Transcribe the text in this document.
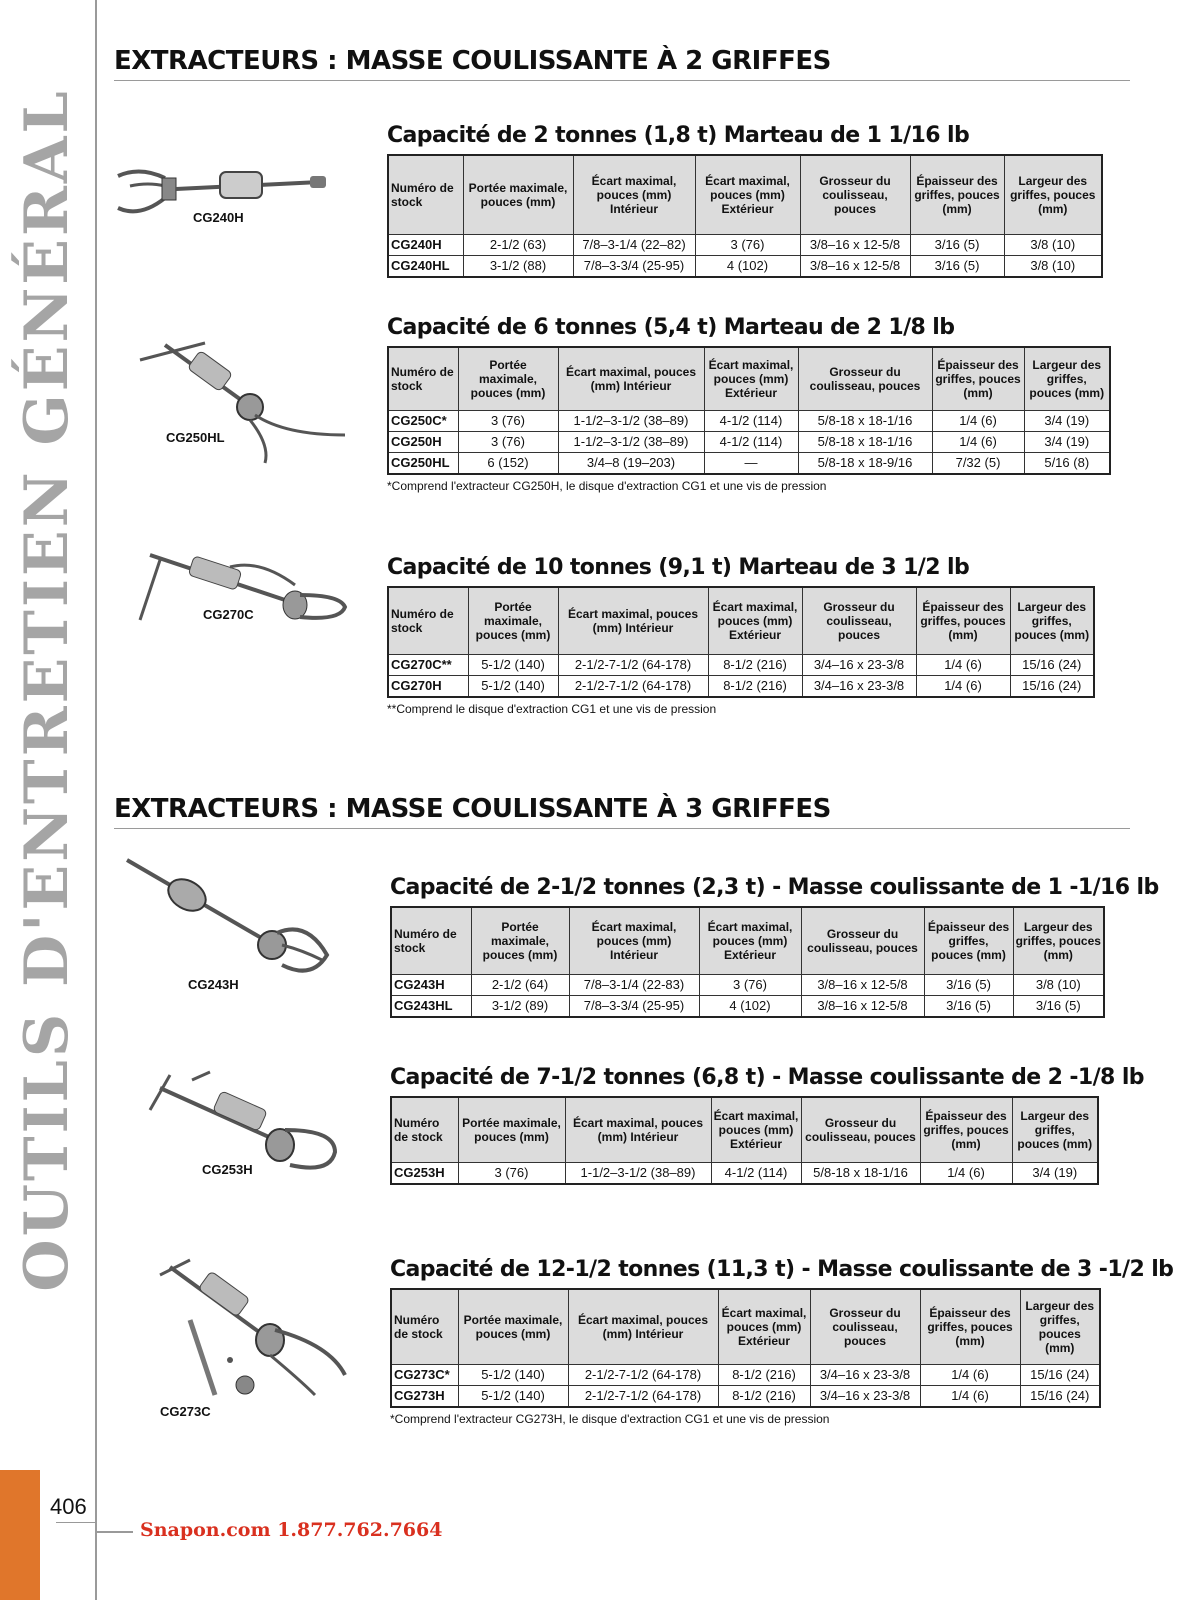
OUTILS D'ENTRETIEN GÉNÉRAL
406
Snapon.com 1.877.762.7664
EXTRACTEURS : MASSE COULISSANTE À 2 GRIFFES
EXTRACTEURS : MASSE COULISSANTE À 3 GRIFFES
CG240H
CG250HL
CG270C
CG243H
CG253H
CG273C
Capacité de 2 tonnes (1,8 t) Marteau de 1 1/16 lb
Numéro de stock	Portée maximale, pouces (mm)	Écart maximal, pouces (mm) Intérieur	Écart maximal, pouces (mm) Extérieur	Grosseur du coulisseau, pouces	Épaisseur des griffes, pouces (mm)	Largeur des griffes, pouces (mm)
CG240H	2-1/2 (63)	7/8–3-1/4 (22–82)	3 (76)	3/8–16 x 12-5/8	3/16 (5)	3/8 (10)
CG240HL	3-1/2 (88)	7/8–3-3/4 (25-95)	4 (102)	3/8–16 x 12-5/8	3/16 (5)	3/8 (10)
Capacité de 6 tonnes (5,4 t) Marteau de 2 1/8 lb
Numéro de stock	Portée maximale, pouces (mm)	Écart maximal, pouces (mm) Intérieur	Écart maximal, pouces (mm) Extérieur	Grosseur du coulisseau, pouces	Épaisseur des griffes, pouces (mm)	Largeur des griffes, pouces (mm)
CG250C*	3 (76)	1-1/2–3-1/2 (38–89)	4-1/2 (114)	5/8-18 x 18-1/16	1/4 (6)	3/4 (19)
CG250H	3 (76)	1-1/2–3-1/2 (38–89)	4-1/2 (114)	5/8-18 x 18-1/16	1/4 (6)	3/4 (19)
CG250HL	6 (152)	3/4–8 (19–203)	—	5/8-18 x 18-9/16	7/32 (5)	5/16 (8)
*Comprend l'extracteur CG250H, le disque d'extraction CG1 et une vis de pression
Capacité de 10 tonnes (9,1 t) Marteau de 3 1/2 lb
Numéro de stock	Portée maximale, pouces (mm)	Écart maximal, pouces (mm) Intérieur	Écart maximal, pouces (mm) Extérieur	Grosseur du coulisseau, pouces	Épaisseur des griffes, pouces (mm)	Largeur des griffes, pouces (mm)
CG270C**	5-1/2 (140)	2-1/2-7-1/2 (64-178)	8-1/2 (216)	3/4–16 x 23-3/8	1/4 (6)	15/16 (24)
CG270H	5-1/2 (140)	2-1/2-7-1/2 (64-178)	8-1/2 (216)	3/4–16 x 23-3/8	1/4 (6)	15/16 (24)
**Comprend le disque d'extraction CG1 et une vis de pression
Capacité de 2-1/2 tonnes (2,3 t) - Masse coulissante de 1 -1/16 lb
Numéro de stock	Portée maximale, pouces (mm)	Écart maximal, pouces (mm) Intérieur	Écart maximal, pouces (mm) Extérieur	Grosseur du coulisseau, pouces	Épaisseur des griffes, pouces (mm)	Largeur des griffes, pouces (mm)
CG243H	2-1/2 (64)	7/8–3-1/4 (22-83)	3 (76)	3/8–16 x 12-5/8	3/16 (5)	3/8 (10)
CG243HL	3-1/2 (89)	7/8–3-3/4 (25-95)	4 (102)	3/8–16 x 12-5/8	3/16 (5)	3/16 (5)
Capacité de 7-1/2 tonnes (6,8 t) - Masse coulissante de 2 -1/8 lb
Numéro de stock	Portée maximale, pouces (mm)	Écart maximal, pouces (mm) Intérieur	Écart maximal, pouces (mm) Extérieur	Grosseur du coulisseau, pouces	Épaisseur des griffes, pouces (mm)	Largeur des griffes, pouces (mm)
CG253H	3 (76)	1-1/2–3-1/2 (38–89)	4-1/2 (114)	5/8-18 x 18-1/16	1/4 (6)	3/4 (19)
Capacité de 12-1/2 tonnes (11,3 t) - Masse coulissante de 3 -1/2 lb
Numéro de stock	Portée maximale, pouces (mm)	Écart maximal, pouces (mm) Intérieur	Écart maximal, pouces (mm) Extérieur	Grosseur du coulisseau, pouces	Épaisseur des griffes, pouces (mm)	Largeur des griffes, pouces (mm)
CG273C*	5-1/2 (140)	2-1/2-7-1/2 (64-178)	8-1/2 (216)	3/4–16 x 23-3/8	1/4 (6)	15/16 (24)
CG273H	5-1/2 (140)	2-1/2-7-1/2 (64-178)	8-1/2 (216)	3/4–16 x 23-3/8	1/4 (6)	15/16 (24)
*Comprend l'extracteur CG273H, le disque d'extraction CG1 et une vis de pression
